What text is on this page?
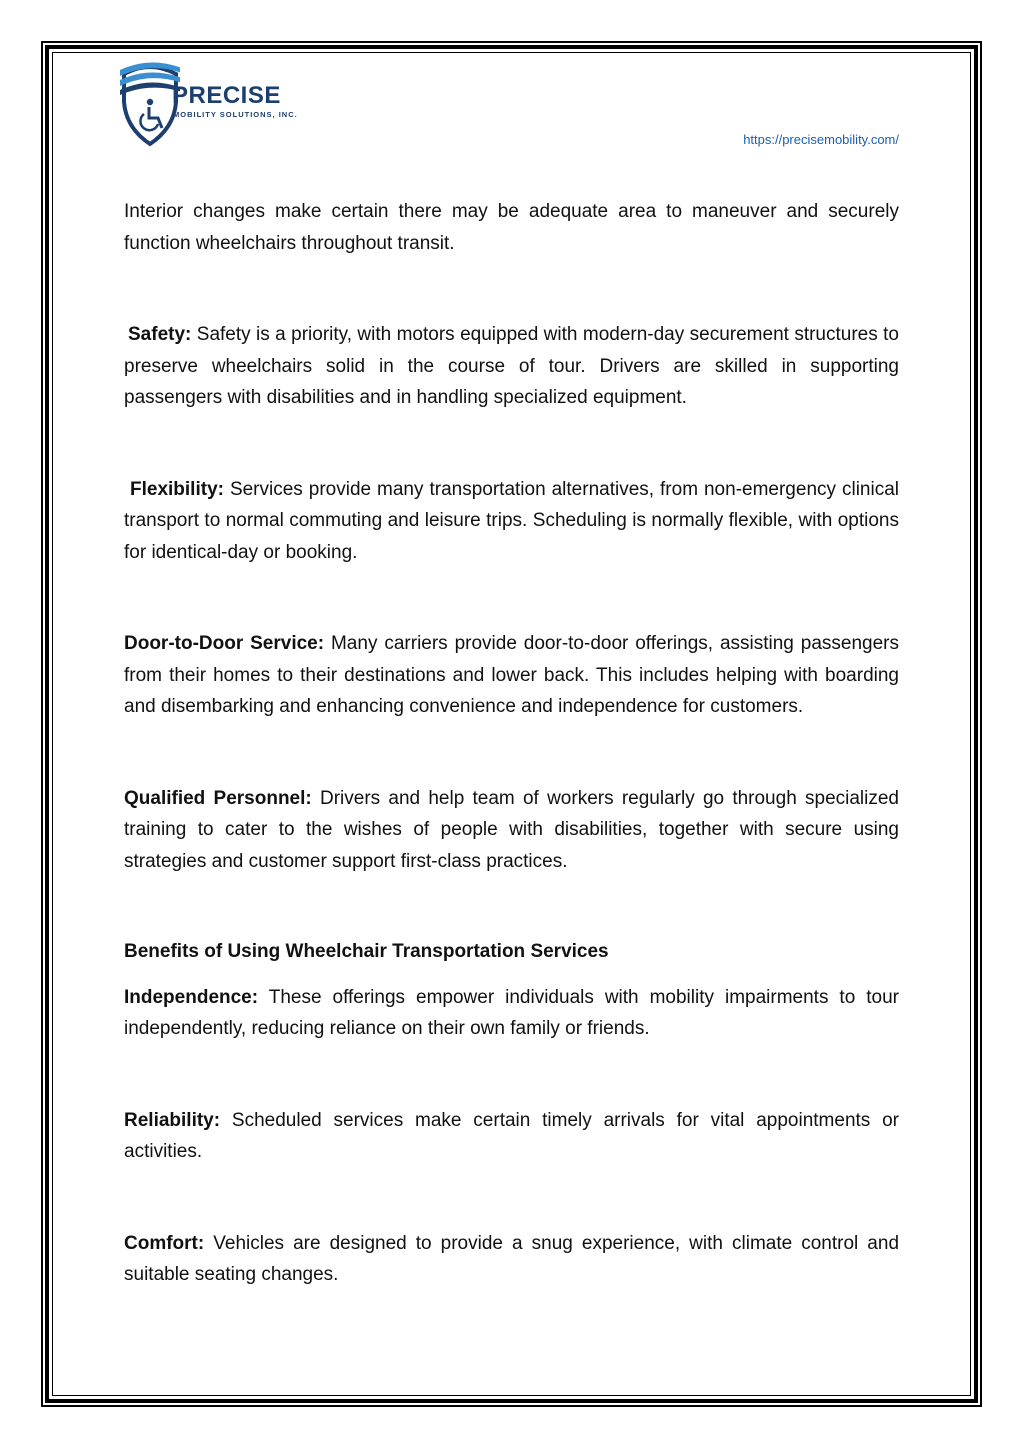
PRECISE
MOBILITY SOLUTIONS, INC.
https://precisemobility.com/

Interior changes make certain there may be adequate area to maneuver and securely function wheelchairs throughout transit.

Safety: Safety is a priority, with motors equipped with modern-day securement structures to preserve wheelchairs solid in the course of tour. Drivers are skilled in supporting passengers with disabilities and in handling specialized equipment.

Flexibility: Services provide many transportation alternatives, from non-emergency clinical transport to normal commuting and leisure trips. Scheduling is normally flexible, with options for identical-day or booking.

Door-to-Door Service: Many carriers provide door-to-door offerings, assisting passengers from their homes to their destinations and lower back. This includes helping with boarding and disembarking and enhancing convenience and independence for customers.

Qualified Personnel: Drivers and help team of workers regularly go through specialized training to cater to the wishes of people with disabilities, together with secure using strategies and customer support first-class practices.

Benefits of Using Wheelchair Transportation Services

Independence: These offerings empower individuals with mobility impairments to tour independently, reducing reliance on their own family or friends.

Reliability: Scheduled services make certain timely arrivals for vital appointments or activities.

Comfort: Vehicles are designed to provide a snug experience, with climate control and suitable seating changes.
